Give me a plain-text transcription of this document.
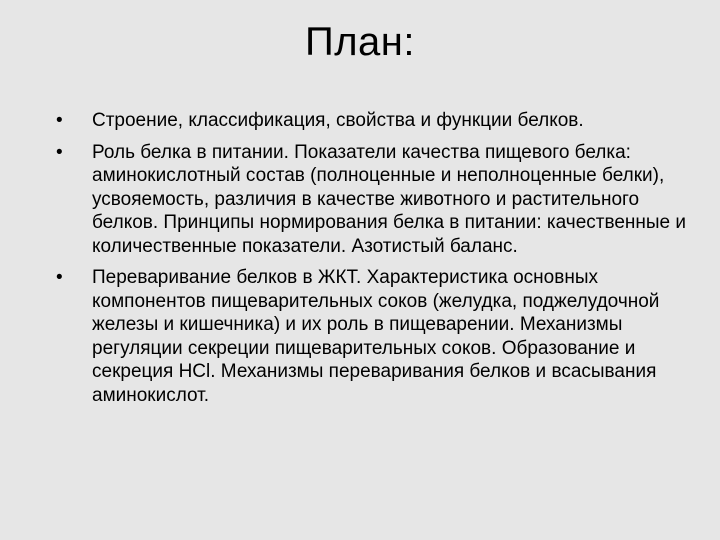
План:
• Строение, классификация, свойства и функции белков.
• Роль белка в питании. Показатели качества пищевого белка: аминокислотный состав (полноценные и неполноценные белки), усвояемость, различия в качестве животного и растительного белков. Принципы нормирования белка в питании: качественные и количественные показатели. Азотистый баланс.
• Переваривание белков в ЖКТ. Характеристика основных компонентов пищеварительных соков (желудка, поджелудочной железы и кишечника) и их роль в пищеварении. Механизмы регуляции секреции пищеварительных соков. Образование и секреция HCl. Механизмы переваривания белков и всасывания аминокислот.
